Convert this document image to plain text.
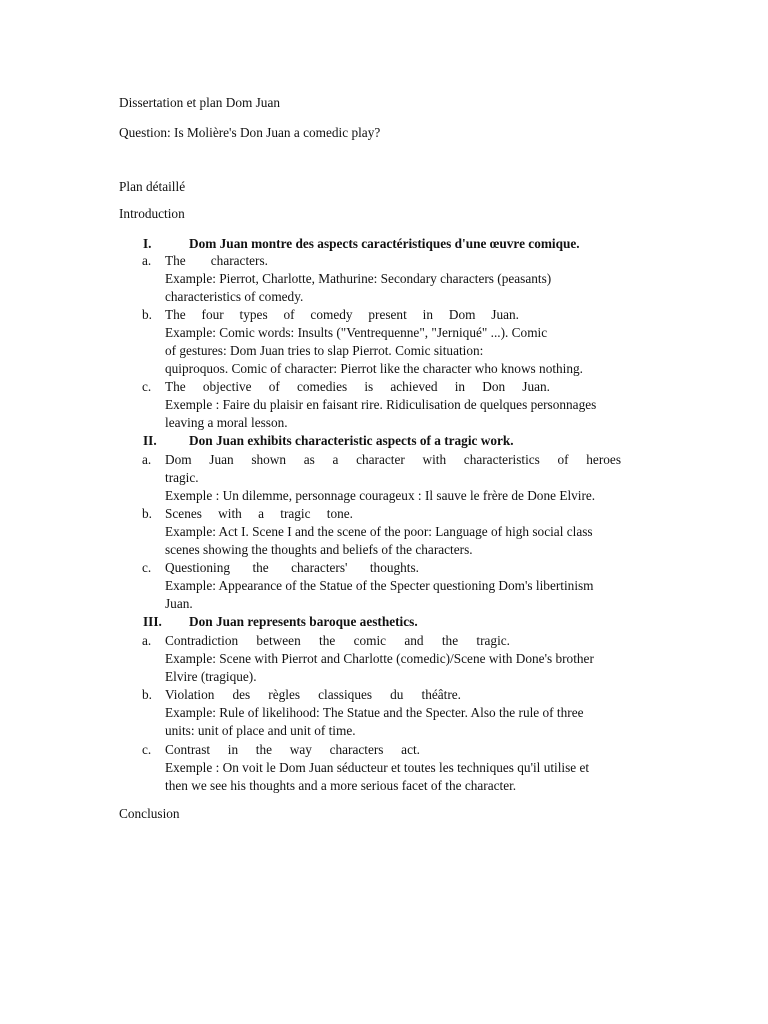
Dissertation et plan Dom Juan
Question: Is Molière's Don Juan a comedic play?
Plan détaillé
Introduction
I.	Dom Juan montre des aspects caractéristiques d'une œuvre comique.
a. The characters.
Example: Pierrot, Charlotte, Mathurine: Secondary characters (peasants)
characteristics of comedy.
b. The four types of comedy present in Dom Juan.
Example: Comic words: Insults ("Ventrequenne", "Jerniqué" ...). Comic
of gestures: Dom Juan tries to slap Pierrot. Comic situation:
quiproquos. Comic of character: Pierrot like the character who knows nothing.
c. The objective of comedies is achieved in Don Juan.
Exemple : Faire du plaisir en faisant rire. Ridiculisation de quelques personnages
leaving a moral lesson.
II. Don Juan exhibits characteristic aspects of a tragic work.
a. Dom Juan shown as a character with characteristics of heroes
tragic.
Exemple : Un dilemme, personnage courageux : Il sauve le frère de Done Elvire.
b. Scenes with a tragic tone.
Example: Act I. Scene I and the scene of the poor: Language of high social class
scenes showing the thoughts and beliefs of the characters.
c. Questioning the characters' thoughts.
Example: Appearance of the Statue of the Specter questioning Dom's libertinism
Juan.
III. Don Juan represents baroque aesthetics.
a. Contradiction between the comic and the tragic.
Example: Scene with Pierrot and Charlotte (comedic)/Scene with Done's brother
Elvire (tragique).
b. Violation des règles classiques du théâtre.
Example: Rule of likelihood: The Statue and the Specter. Also the rule of three
units: unit of place and unit of time.
c. Contrast in the way characters act.
Exemple : On voit le Dom Juan séducteur et toutes les techniques qu'il utilise et
then we see his thoughts and a more serious facet of the character.
Conclusion
